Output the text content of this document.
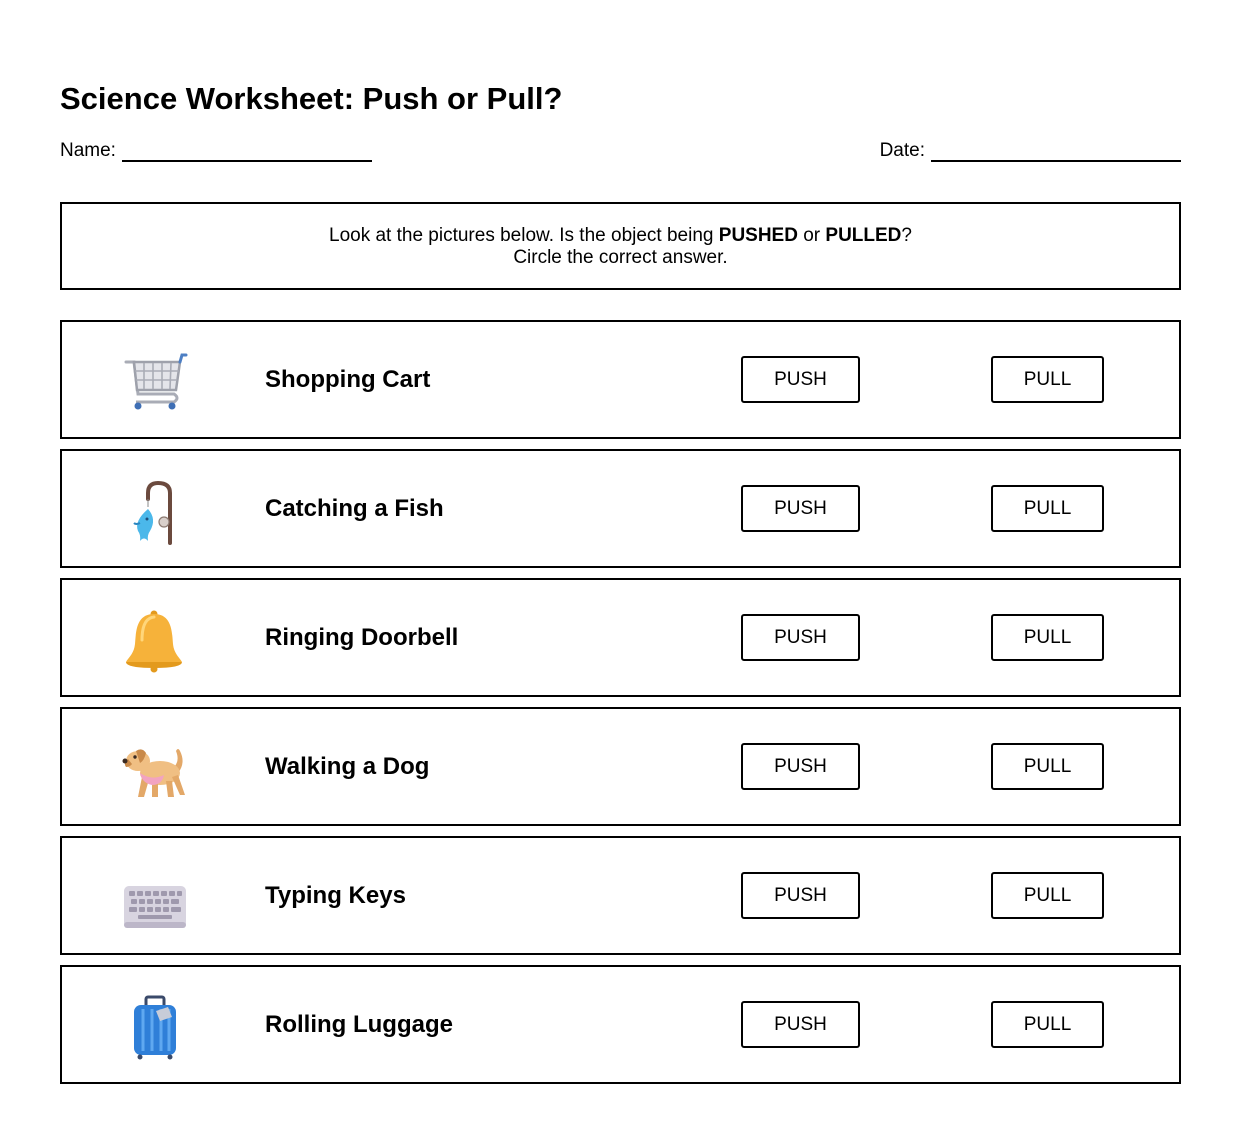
Science Worksheet: Push or Pull?
Name:	Date:
Look at the pictures below. Is the object being PUSHED or PULLED?
Circle the correct answer.
Shopping Cart	PUSH	PULL
Catching a Fish	PUSH	PULL
Ringing Doorbell	PUSH	PULL
Walking a Dog	PUSH	PULL
Typing Keys	PUSH	PULL
Rolling Luggage	PUSH	PULL
